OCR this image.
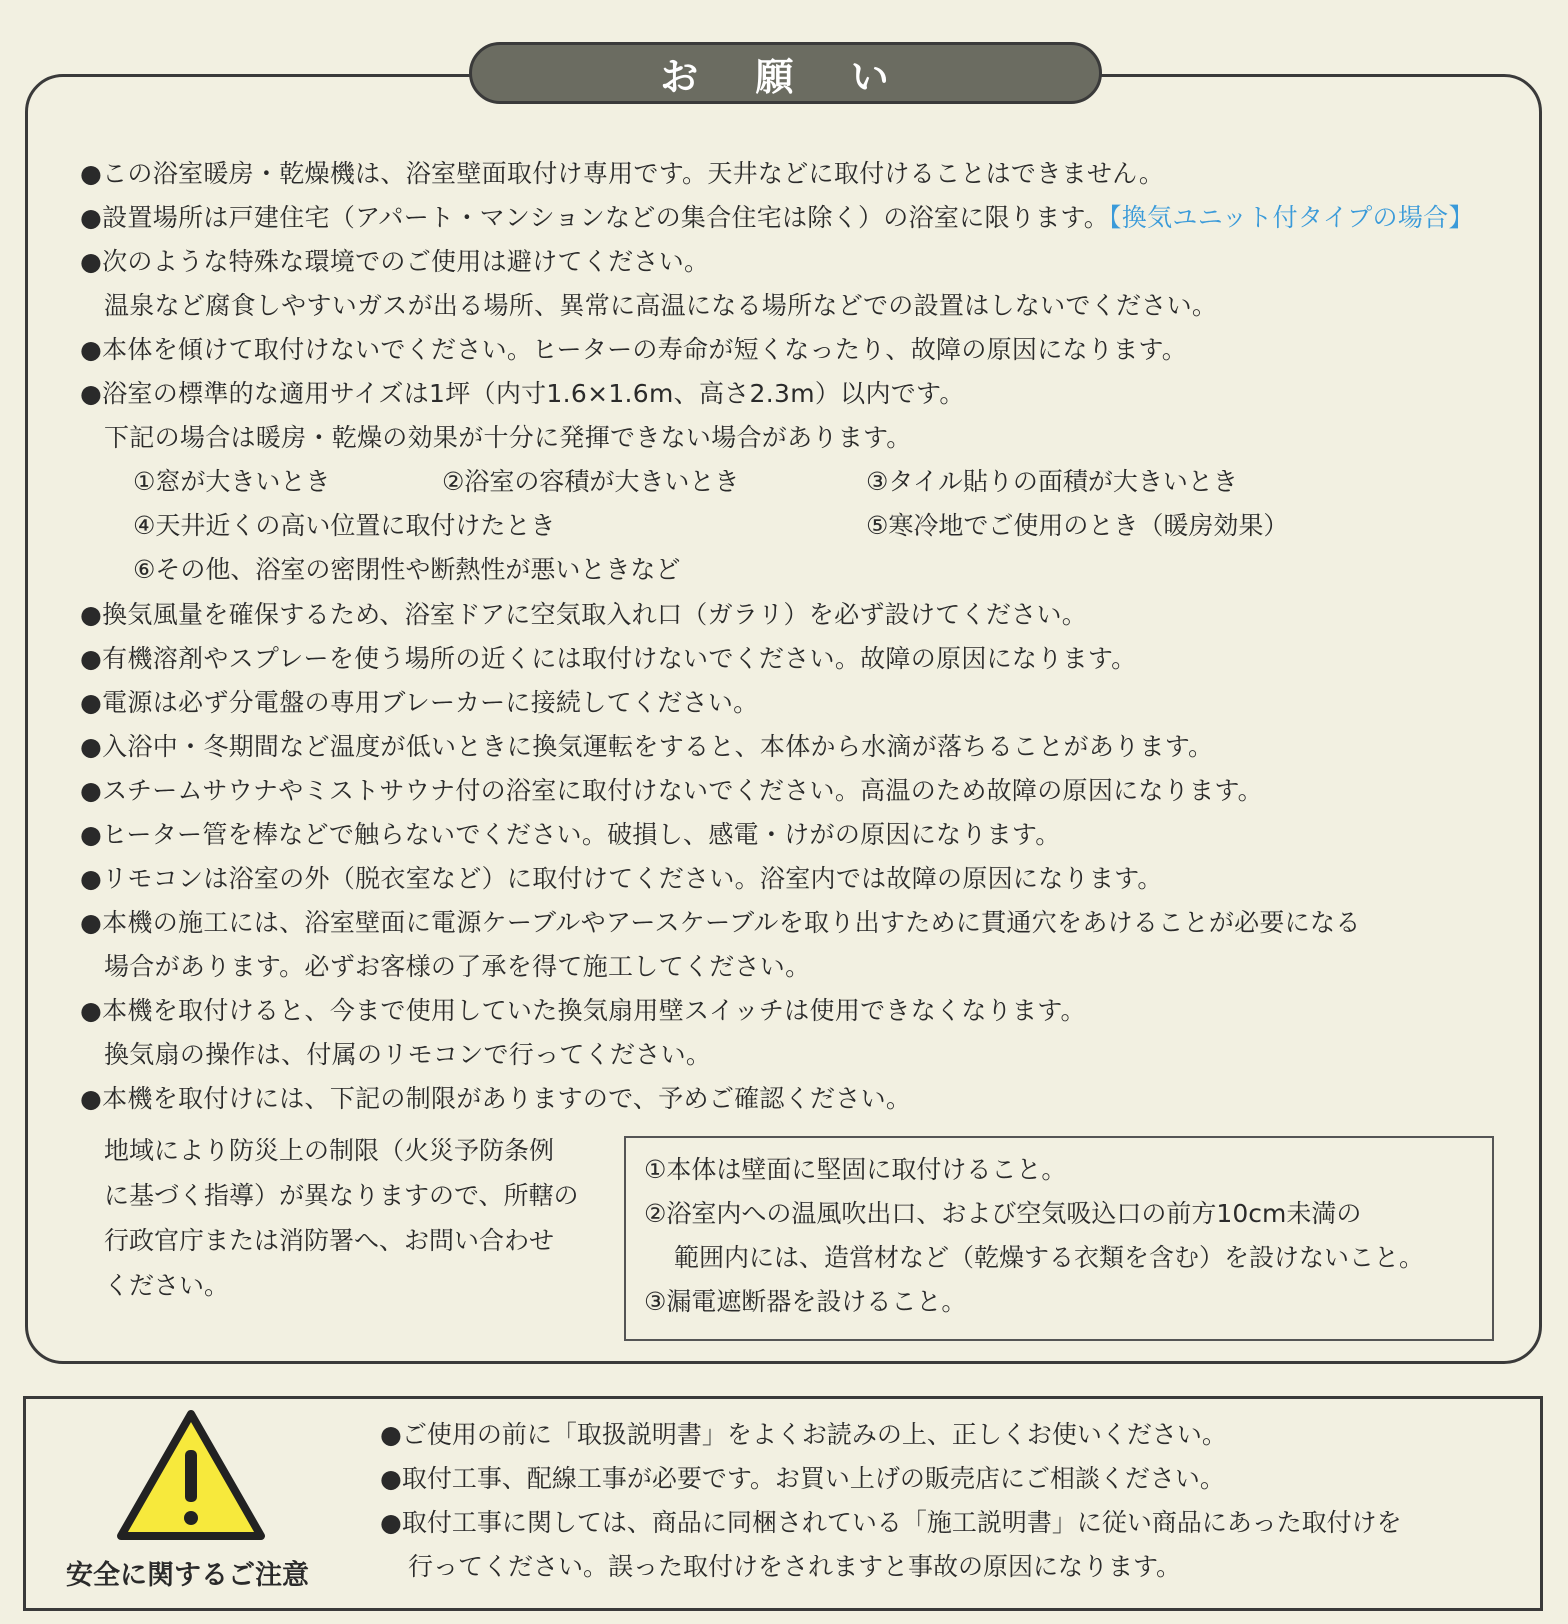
お 願 い
●この浴室暖房・乾燥機は、浴室壁面取付け専用です。天井などに取付けることはできません。
●設置場所は戸建住宅（アパート・マンションなどの集合住宅は除く）の浴室に限ります。【換気ユニット付タイプの場合】
●次のような特殊な環境でのご使用は避けてください。
温泉など腐食しやすいガスが出る場所、異常に高温になる場所などでの設置はしないでください。
●本体を傾けて取付けないでください。ヒーターの寿命が短くなったり、故障の原因になります。
●浴室の標準的な適用サイズは1坪（内寸1.6×1.6m、高さ2.3m）以内です。
下記の場合は暖房・乾燥の効果が十分に発揮できない場合があります。
①窓が大きいとき	②浴室の容積が大きいとき	③タイル貼りの面積が大きいとき
④天井近くの高い位置に取付けたとき	⑤寒冷地でご使用のとき（暖房効果）
⑥その他、浴室の密閉性や断熱性が悪いときなど
●換気風量を確保するため、浴室ドアに空気取入れ口（ガラリ）を必ず設けてください。
●有機溶剤やスプレーを使う場所の近くには取付けないでください。故障の原因になります。
●電源は必ず分電盤の専用ブレーカーに接続してください。
●入浴中・冬期間など温度が低いときに換気運転をすると、本体から水滴が落ちることがあります。
●スチームサウナやミストサウナ付の浴室に取付けないでください。高温のため故障の原因になります。
●ヒーター管を棒などで触らないでください。破損し、感電・けがの原因になります。
●リモコンは浴室の外（脱衣室など）に取付けてください。浴室内では故障の原因になります。
●本機の施工には、浴室壁面に電源ケーブルやアースケーブルを取り出すために貫通穴をあけることが必要になる
場合があります。必ずお客様の了承を得て施工してください。
●本機を取付けると、今まで使用していた換気扇用壁スイッチは使用できなくなります。
換気扇の操作は、付属のリモコンで行ってください。
●本機を取付けには、下記の制限がありますので、予めご確認ください。
地域により防災上の制限（火災予防条例
に基づく指導）が異なりますので、所轄の
行政官庁または消防署へ、お問い合わせ
ください。
①本体は壁面に堅固に取付けること。
②浴室内への温風吹出口、および空気吸込口の前方10cm未満の
範囲内には、造営材など（乾燥する衣類を含む）を設けないこと。
③漏電遮断器を設けること。
安全に関するご注意
●ご使用の前に「取扱説明書」をよくお読みの上、正しくお使いください。
●取付工事、配線工事が必要です。お買い上げの販売店にご相談ください。
●取付工事に関しては、商品に同梱されている「施工説明書」に従い商品にあった取付けを
行ってください。誤った取付けをされますと事故の原因になります。
